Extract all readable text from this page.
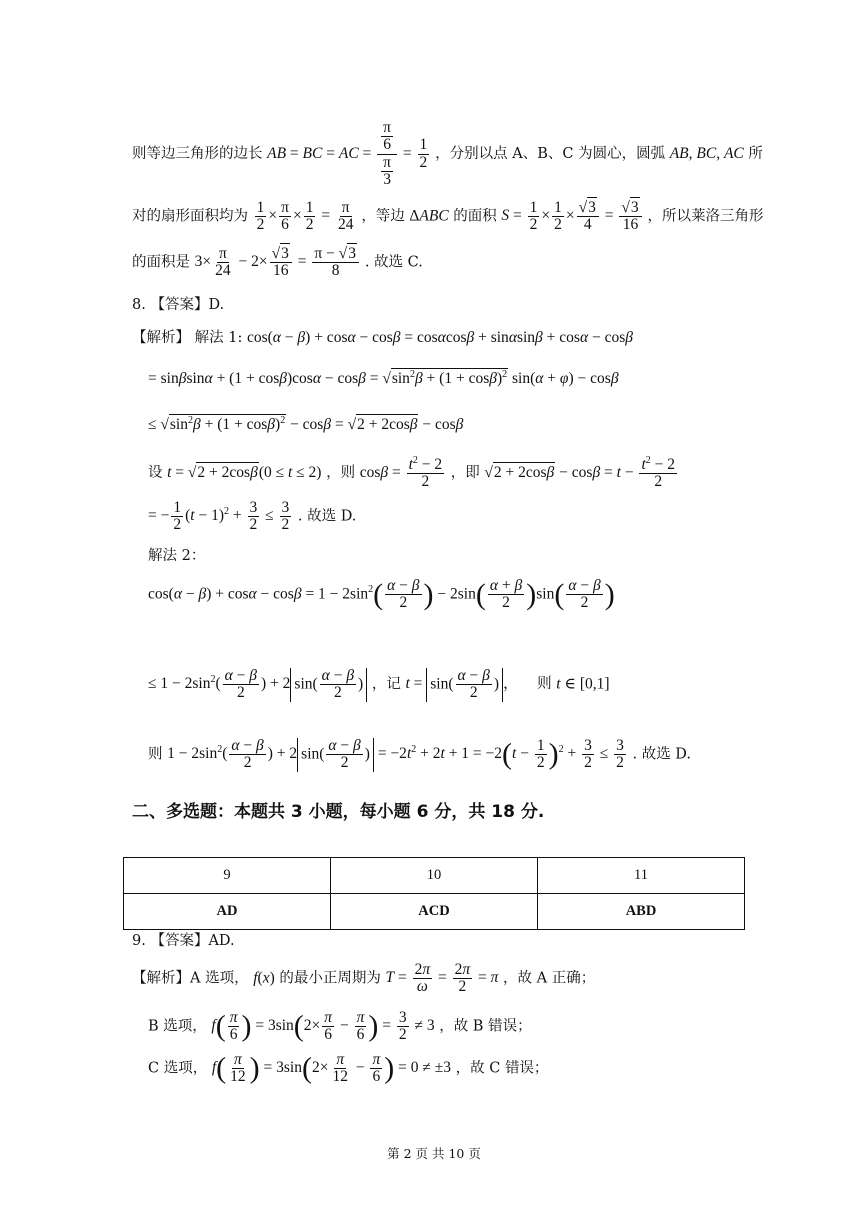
则等边三角形的边长 AB = BC = AC = $\frac{\frac{\pi}{6}}{\frac{\pi}{3}} = \frac{1}{2}$ ，分别以点 A、B、C 为圆心，圆弧 AB, BC, AC 所
对的扇形面积均为 $\frac{1}{2} \times \frac{\pi}{6} \times \frac{1}{2} = \frac{\pi}{24}$ ，等边 ΔABC 的面积 $S = \frac{1}{2} \times \frac{1}{2} \times \frac{√3}{4} = \frac{√3}{16}$ ，所以莱洛三角形
的面积是 $3\times \frac{\pi}{24} - 2\times \frac{√3}{16} = \frac{\pi - √3}{8}$ . 故选 C.
8. 【答案】D.
【解析】 解法 1: cos(α − β) + cosα − cosβ = cosαcosβ + sinαsinβ + cosα − cosβ
= $\sin\beta\sin\alpha + (1 + \cos\beta)\cos\alpha - \cos\beta = √\sin^2\beta + (1 + \cos\beta)^2$ sin(α + φ) − cosβ
≤ $√\sin^2\beta + (1 + \cos\beta)^2 - \cos\beta = √2 + 2\cos\beta - \cos\beta$
设 t = √2 + 2cosβ(0 ≤ t ≤ 2) ，则 $\cos\beta = \frac{t^2 - 2}{2}$ ，即 $√2 + 2\cos\beta - \cos\beta = t - \frac{t^2 - 2}{2}$
= − $\frac{1}{2} (t - 1)^2 + \frac{3}{2} \le \frac{3}{2}$ . 故选 D.
解法 2：
$\cos(\alpha - \beta) + \cos\alpha - \cos\beta = 1 - 2\sin^2( \frac{\alpha - \beta}{2}$ ) − $2\sin( \frac{\alpha + \beta}{2} )\sin( \frac{\alpha - \beta}{2}$ )
≤ $1 - 2\sin^2( \frac{\alpha - \beta}{2}$ ) + 2 $\sin( \frac{\alpha - \beta}{2}$ ) ，记 $t = \sin( \frac{\alpha - \beta}{2}$ ) ， 则 t ∈ [0,1]
则 $1 - 2\sin^2( \frac{\alpha - \beta}{2}$ ) + 2 $\sin( \frac{\alpha - \beta}{2}$ ) = $-2t^2 + 2t + 1 = -2(t - \frac{1}{2} )^2 + \frac{3}{2} \le \frac{3}{2}$ . 故选 D.
二、多选题：本题共 3 小题，每小题 6 分，共 18 分.
9	10	11
AD	ACD	ABD
9. 【答案】AD.
【解析】A 选项， f(x) 的最小正周期为 $T = \frac{2\pi}{\omega} = \frac{2\pi}{2} = \pi$ ，故 A 正确；
B 选项， $f( \frac{\pi}{6}$ ) = $3\sin(2\times \frac{\pi}{6} - \frac{\pi}{6}$ ) = $\frac{3}{2} \ne 3$ ，故 B 错误；
C 选项， $f( \frac{\pi}{12}$ ) = $3\sin(2\times \frac{\pi}{12} - \frac{\pi}{6}$ ) = 0 ≠ ±3 ，故 C 错误；
第 2 页 共 10 页
